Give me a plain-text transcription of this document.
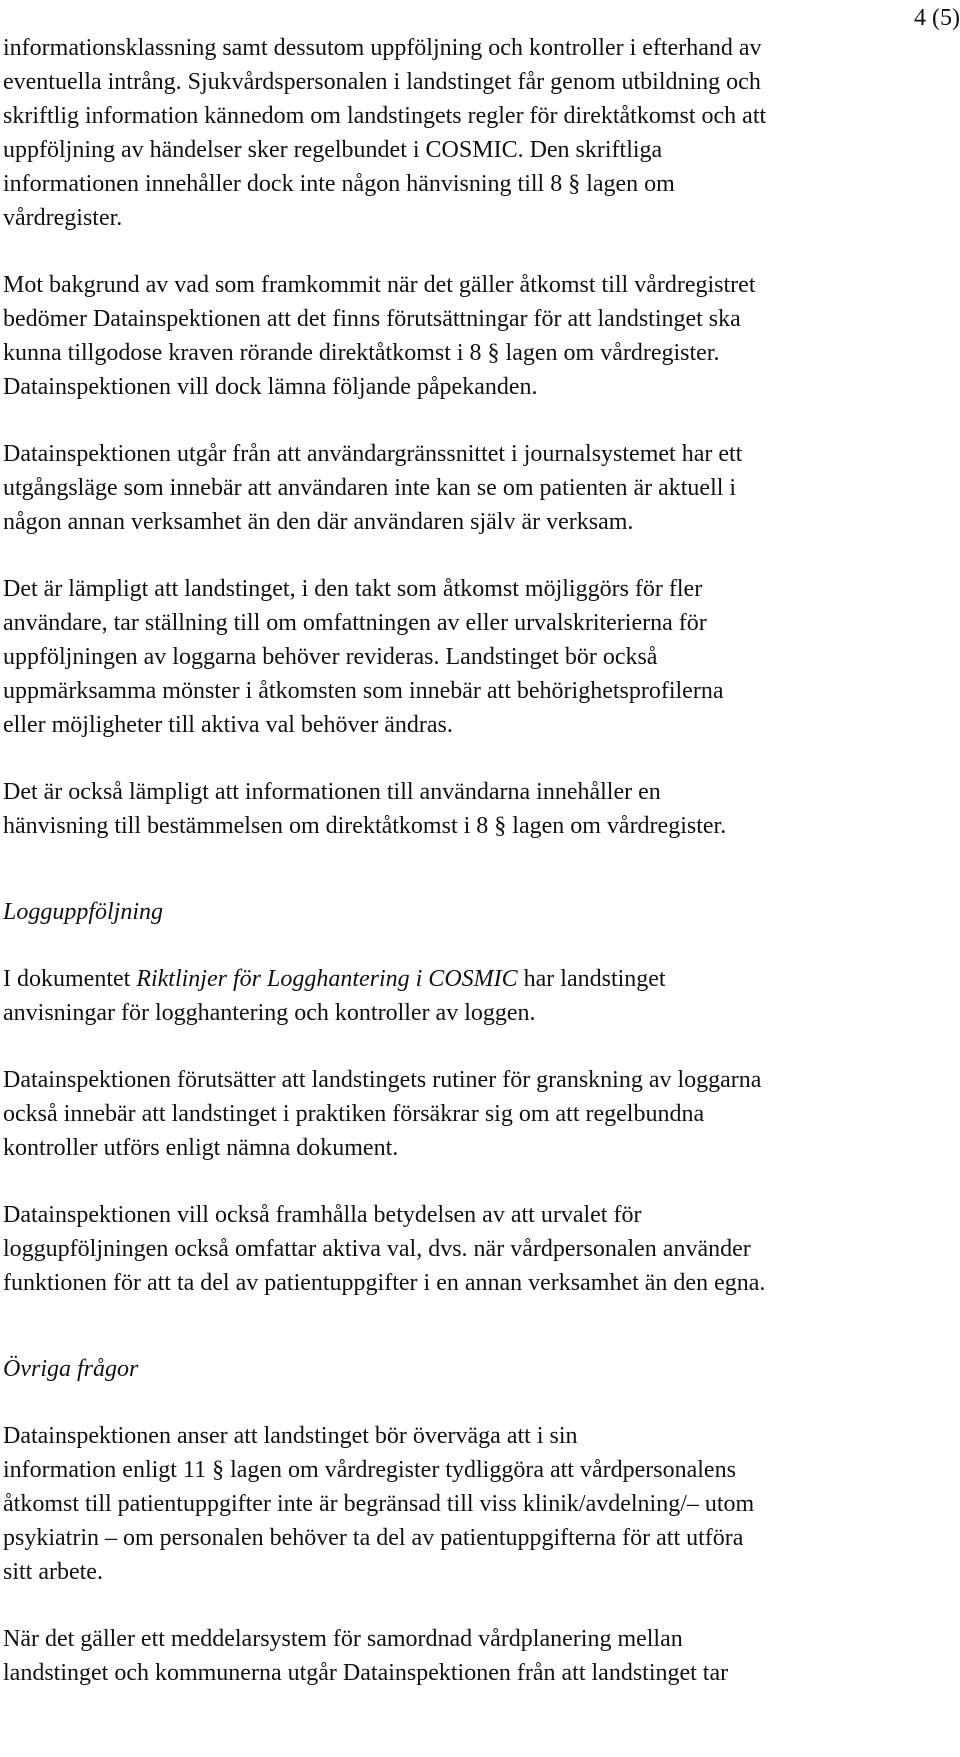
4 (5)

informationsklassning samt dessutom uppföljning och kontroller i efterhand av
eventuella intrång. Sjukvårdspersonalen i landstinget får genom utbildning och
skriftlig information kännedom om landstingets regler för direktåtkomst och att
uppföljning av händelser sker regelbundet i COSMIC. Den skriftliga
informationen innehåller dock inte någon hänvisning till 8 § lagen om
vårdregister.

Mot bakgrund av vad som framkommit när det gäller åtkomst till vårdregistret
bedömer Datainspektionen att det finns förutsättningar för att landstinget ska
kunna tillgodose kraven rörande direktåtkomst i 8 § lagen om vårdregister.
Datainspektionen vill dock lämna följande påpekanden.

Datainspektionen utgår från att användargränssnittet i journalsystemet har ett
utgångsläge som innebär att användaren inte kan se om patienten är aktuell i
någon annan verksamhet än den där användaren själv är verksam.

Det är lämpligt att landstinget, i den takt som åtkomst möjliggörs för fler
användare, tar ställning till om omfattningen av eller urvalskriterierna för
uppföljningen av loggarna behöver revideras. Landstinget bör också
uppmärksamma mönster i åtkomsten som innebär att behörighetsprofilerna
eller möjligheter till aktiva val behöver ändras.

Det är också lämpligt att informationen till användarna innehåller en
hänvisning till bestämmelsen om direktåtkomst i 8 § lagen om vårdregister.

Logguppföljning

I dokumentet Riktlinjer för Logghantering i COSMIC har landstinget
anvisningar för logghantering och kontroller av loggen.

Datainspektionen förutsätter att landstingets rutiner för granskning av loggarna
också innebär att landstinget i praktiken försäkrar sig om att regelbundna
kontroller utförs enligt nämna dokument.

Datainspektionen vill också framhålla betydelsen av att urvalet för
loggupföljningen också omfattar aktiva val, dvs. när vårdpersonalen använder
funktionen för att ta del av patientuppgifter i en annan verksamhet än den egna.

Övriga frågor

Datainspektionen anser att landstinget bör överväga att i sin
information enligt 11 § lagen om vårdregister tydliggöra att vårdpersonalens
åtkomst till patientuppgifter inte är begränsad till viss klinik/avdelning/– utom
psykiatrin – om personalen behöver ta del av patientuppgifterna för att utföra
sitt arbete.

När det gäller ett meddelarsystem för samordnad vårdplanering mellan
landstinget och kommunerna utgår Datainspektionen från att landstinget tar
